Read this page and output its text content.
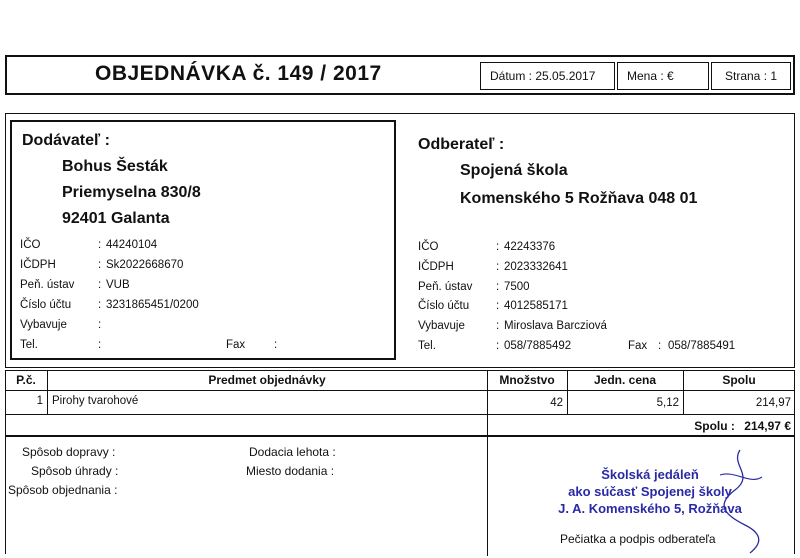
OBJEDNÁVKA č. 149 / 2017	Dátum : 25.05.2017	Mena : €	Strana : 1
Dodávateľ :
Bohus Šesták
Priemyselna 830/8
92401 Galanta
IČO	: 44240104
IČDPH	: Sk2022668670
Peň. ústav : VUB
Číslo účtu : 3231865451/0200
Vybavuje	:
Tel.	:	Fax	:
Odberateľ :
Spojená škola
Komenského 5 Rožňava 048 01
IČO	: 42243376
IČDPH	: 2023332641
Peň. ústav : 7500
Číslo účtu : 4012585171
Vybavuje	: Miroslava Barcziová
Tel.	: 058/7885492	Fax : 058/7885491
P.č.	Predmet objednávky	Množstvo	Jedn. cena	Spolu
1 Pirohy tvarohové	42	5,12	214,97
Spolu : 214,97 €
Spôsob dopravy :
Spôsob úhrady :
Spôsob objednania :
Dodacia lehota :
Miesto dodania :	Školská jedáleň
ako súčasť Spojenej školy
J. A. Komenského 5, Rožňava
Pečiatka a podpis odberateľa
